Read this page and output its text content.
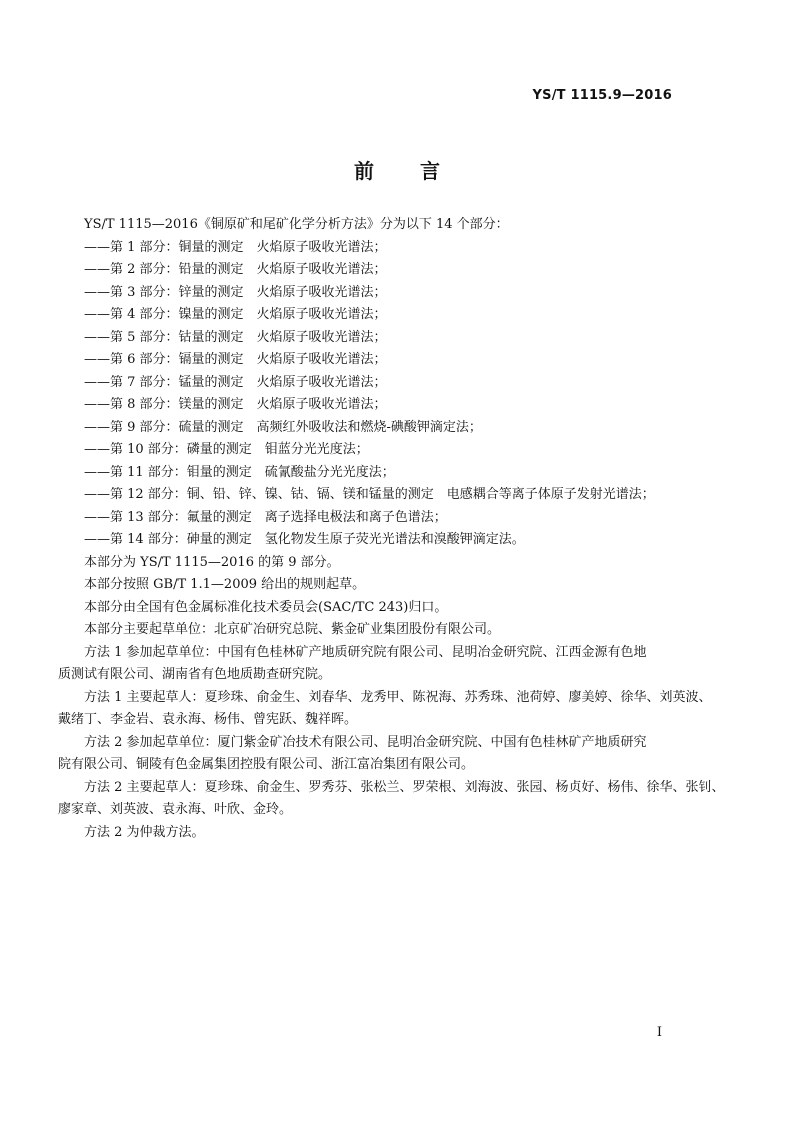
YS/T 1115.9—2016
前言
YS/T 1115—2016《铜原矿和尾矿化学分析方法》分为以下 14 个部分：
——第 1 部分：铜量的测定　火焰原子吸收光谱法；
——第 2 部分：铅量的测定　火焰原子吸收光谱法；
——第 3 部分：锌量的测定　火焰原子吸收光谱法；
——第 4 部分：镍量的测定　火焰原子吸收光谱法；
——第 5 部分：钴量的测定　火焰原子吸收光谱法；
——第 6 部分：镉量的测定　火焰原子吸收光谱法；
——第 7 部分：锰量的测定　火焰原子吸收光谱法；
——第 8 部分：镁量的测定　火焰原子吸收光谱法；
——第 9 部分：硫量的测定　高频红外吸收法和燃烧-碘酸钾滴定法；
——第 10 部分：磷量的测定　钼蓝分光光度法；
——第 11 部分：钼量的测定　硫氰酸盐分光光度法；
——第 12 部分：铜、铅、锌、镍、钴、镉、镁和锰量的测定　电感耦合等离子体原子发射光谱法；
——第 13 部分：氟量的测定　离子选择电极法和离子色谱法；
——第 14 部分：砷量的测定　氢化物发生原子荧光光谱法和溴酸钾滴定法。
本部分为 YS/T 1115—2016 的第 9 部分。
本部分按照 GB/T 1.1—2009 给出的规则起草。
本部分由全国有色金属标准化技术委员会(SAC/TC 243)归口。
本部分主要起草单位：北京矿冶研究总院、紫金矿业集团股份有限公司。
方法 1 参加起草单位：中国有色桂林矿产地质研究院有限公司、昆明冶金研究院、江西金源有色地
质测试有限公司、湖南省有色地质勘查研究院。
方法 1 主要起草人：夏珍珠、俞金生、刘春华、龙秀甲、陈祝海、苏秀珠、池荷婷、廖美婷、徐华、刘英波、
戴绪丁、李金岩、袁永海、杨伟、曾宪跃、魏祥晖。
方法 2 参加起草单位：厦门紫金矿冶技术有限公司、昆明冶金研究院、中国有色桂林矿产地质研究
院有限公司、铜陵有色金属集团控股有限公司、浙江富冶集团有限公司。
方法 2 主要起草人：夏珍珠、俞金生、罗秀芬、张松兰、罗荣根、刘海波、张园、杨贞好、杨伟、徐华、张钊、
廖家章、刘英波、袁永海、叶欣、金玲。
方法 2 为仲裁方法。
I
